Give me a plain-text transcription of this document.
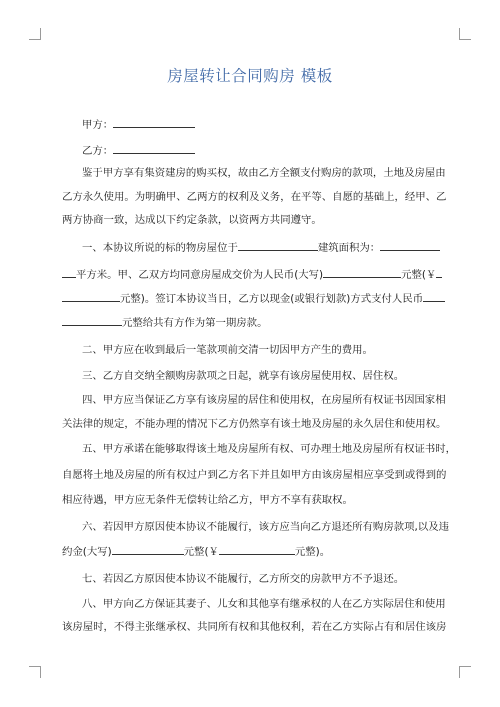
房屋转让合同购房 模板
甲方：
乙方：
鉴于甲方享有集资建房的购买权，故由乙方全额支付购房的款项，土地及房屋由
乙方永久使用。为明确甲、乙两方的权利及义务，在平等、自愿的基础上，经甲、乙
两方协商一致，达成以下约定条款，以资两方共同遵守。
一、本协议所说的标的物房屋位于	建筑面积为：
平方米。甲、乙双方均同意房屋成交价为人民币(大写)	元整(￥
元整)。签订本协议当日，乙方以现金(或银行划款)方式支付人民币
元整给共有方作为第一期房款。
二、甲方应在收到最后一笔款项前交清一切因甲方产生的费用。
三、乙方自交纳全额购房款项之日起，就享有该房屋使用权、居住权。
四、甲方应当保证乙方享有该房屋的居住和使用权，在房屋所有权证书因国家相
关法律的规定，不能办理的情况下乙方仍然享有该土地及房屋的永久居住和使用权。
五、甲方承诺在能够取得该土地及房屋所有权、可办理土地及房屋所有权证书时，
自愿将土地及房屋的所有权过户到乙方名下并且如甲方由该房屋相应享受到或得到的
相应待遇，甲方应无条件无偿转让给乙方，甲方不享有获取权。
六、若因甲方原因使本协议不能履行，该方应当向乙方退还所有购房款项,以及违
约金(大写)	元整(￥	元整)。
七、若因乙方原因使本协议不能履行，乙方所交的房款甲方不予退还。
八、甲方向乙方保证其妻子、儿女和其他享有继承权的人在乙方实际居住和使用
该房屋时，不得主张继承权、共同所有权和其他权利，若在乙方实际占有和居住该房
